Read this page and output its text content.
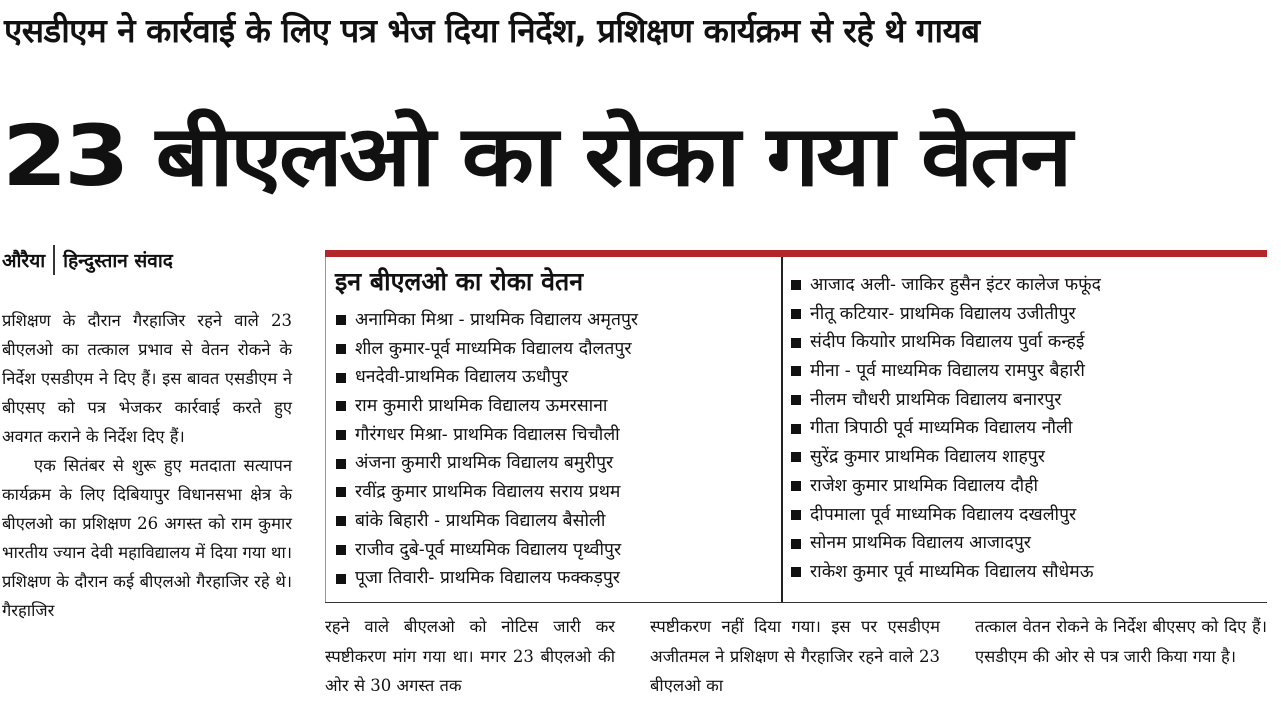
एसडीएम ने कार्रवाई के लिए पत्र भेज दिया निर्देश, प्रशिक्षण कार्यक्रम से रहे थे गायब
23 बीएलओ का रोका गया वेतन
औरैया हिन्दुस्तान संवाद

प्रशिक्षण के दौरान गैरहाजिर रहने वाले 23 बीएलओ का तत्काल प्रभाव से वेतन रोकने के निर्देश एसडीएम ने दिए हैं। इस बावत एसडीएम ने बीएसए को पत्र भेजकर कार्रवाई करते हुए अवगत कराने के निर्देश दिए हैं।

एक सितंबर से शुरू हुए मतदाता सत्यापन कार्यक्रम के लिए दिबियापुर विधानसभा क्षेत्र के बीएलओ का प्रशिक्षण 26 अगस्त को राम कुमार भारतीय ज्यान देवी महाविद्यालय में दिया गया था। प्रशिक्षण के दौरान कई बीएलओ गैरहाजिर रहे थे। गैरहाजिर

इन बीएलओ का रोका वेतन
अनामिका मिश्रा - प्राथमिक विद्यालय अमृतपुर
शील कुमार-पूर्व माध्यमिक विद्यालय दौलतपुर
धनदेवी-प्राथमिक विद्यालय ऊधौपुर
राम कुमारी प्राथमिक विद्यालय ऊमरसाना
गौरंगधर मिश्रा- प्राथमिक विद्यालस चिचौली
अंजना कुमारी प्राथमिक विद्यालय बमुरीपुर
रवींद्र कुमार प्राथमिक विद्यालय सराय प्रथम
बांके बिहारी - प्राथमिक विद्यालय बैसोली
राजीव दुबे-पूर्व माध्यमिक विद्यालय पृथ्वीपुर
पूजा तिवारी- प्राथमिक विद्यालय फक्कड़पुर
आजाद अली- जाकिर हुसैन इंटर कालेज फफूंद
नीतू कटियार- प्राथमिक विद्यालय उजीतीपुर
संदीप कियाोर प्राथमिक विद्यालय पुर्वा कन्हई
मीना - पूर्व माध्यमिक विद्यालय रामपुर बैहारी
नीलम चौधरी प्राथमिक विद्यालय बनारपुर
गीता त्रिपाठी पूर्व माध्यमिक विद्यालय नौली
सुरेंद्र कुमार प्राथमिक विद्यालय शाहपुर
राजेश कुमार प्राथमिक विद्यालय दौही
दीपमाला पूर्व माध्यमिक विद्यालय दखलीपुर
सोनम प्राथमिक विद्यालय आजादपुर
राकेश कुमार पूर्व माध्यमिक विद्यालय सौधेमऊ

रहने वाले बीएलओ को नोटिस जारी कर स्पष्टीकरण मांग गया था। मगर 23 बीएलओ की ओर से 30 अगस्त तक

स्पष्टीकरण नहीं दिया गया। इस पर एसडीएम अजीतमल ने प्रशिक्षण से गैरहाजिर रहने वाले 23 बीएलओ का

तत्काल वेतन रोकने के निर्देश बीएसए को दिए हैं। एसडीएम की ओर से पत्र जारी किया गया है।
